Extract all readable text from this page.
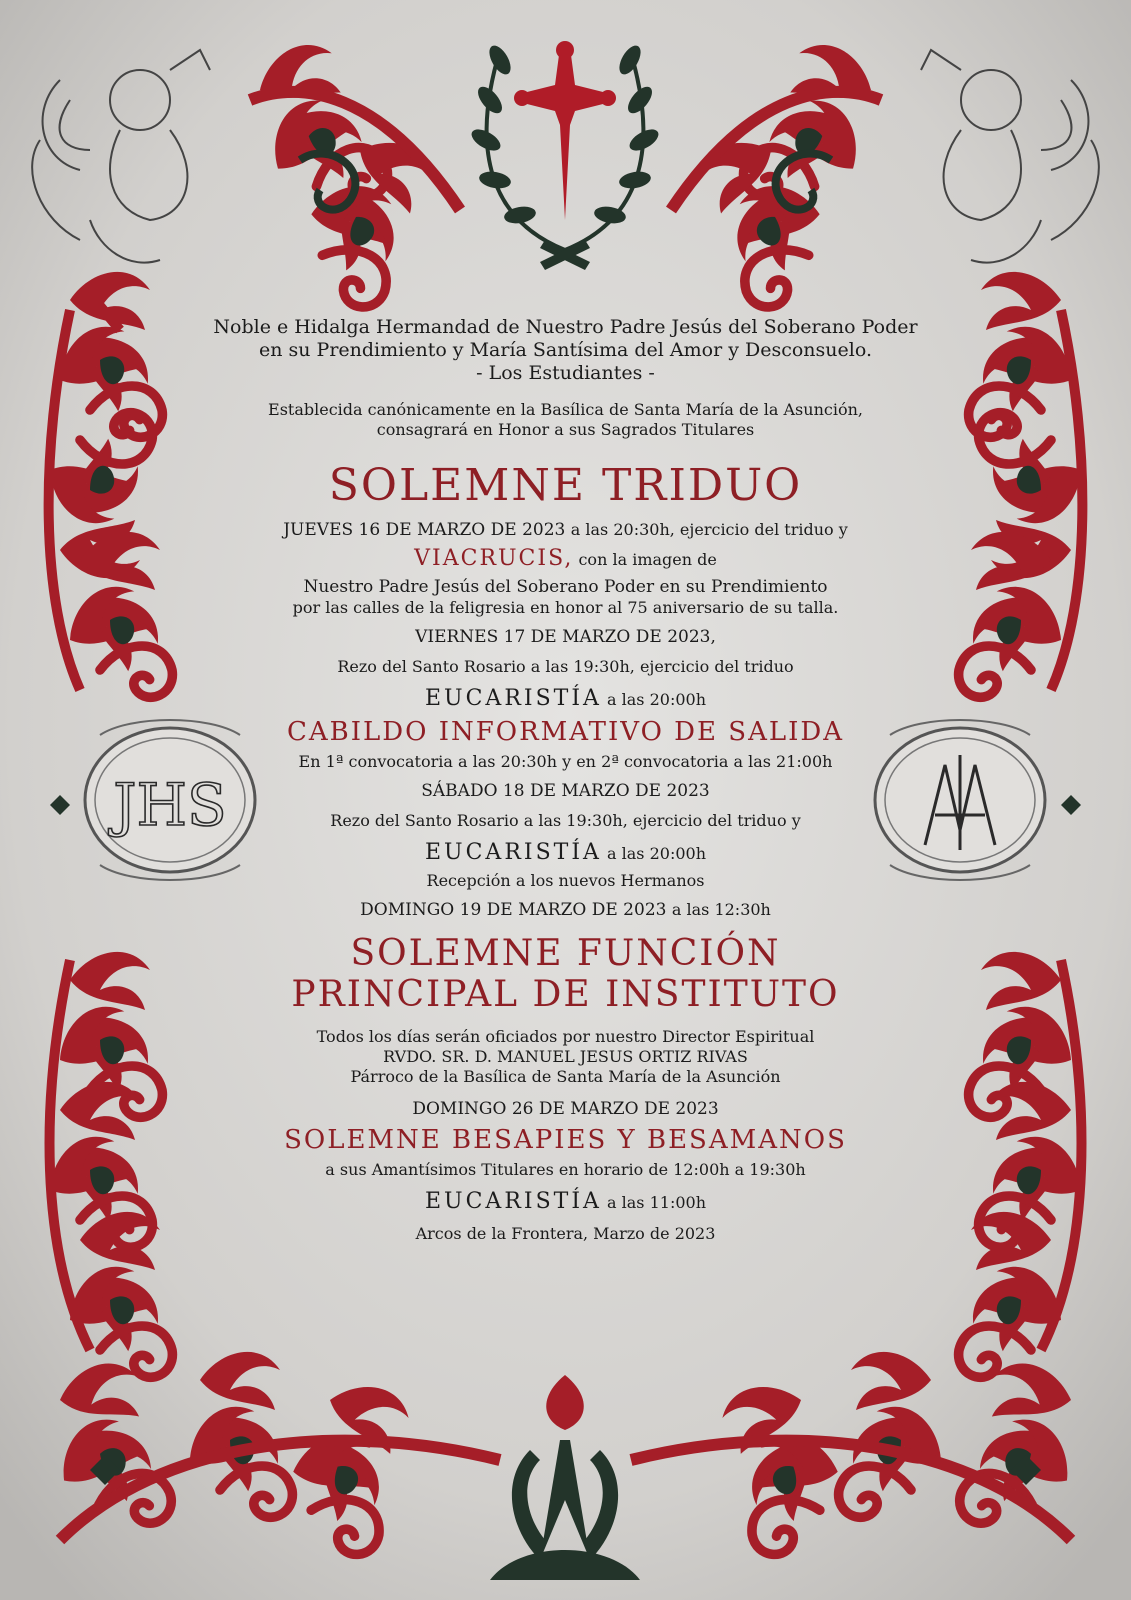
JHS
Noble e Hidalga Hermandad de Nuestro Padre Jesús del Soberano Poder
en su Prendimiento y María Santísima del Amor y Desconsuelo.
- Los Estudiantes -
Establecida canónicamente en la Basílica de Santa María de la Asunción,
consagrará en Honor a sus Sagrados Titulares
SOLEMNE TRIDUO
JUEVES 16 DE MARZO DE 2023 a las 20:30h, ejercicio del triduo y
VIACRUCIS, con la imagen de
Nuestro Padre Jesús del Soberano Poder en su Prendimiento
por las calles de la feligresia en honor al 75 aniversario de su talla.
VIERNES 17 DE MARZO DE 2023,
Rezo del Santo Rosario a las 19:30h, ejercicio del triduo
EUCARISTÍA a las 20:00h
CABILDO INFORMATIVO DE SALIDA
En 1ª convocatoria a las 20:30h y en 2ª convocatoria a las 21:00h
SÁBADO 18 DE MARZO DE 2023
Rezo del Santo Rosario a las 19:30h, ejercicio del triduo y
EUCARISTÍA a las 20:00h
Recepción a los nuevos Hermanos
DOMINGO 19 DE MARZO DE 2023 a las 12:30h
SOLEMNE FUNCIÓN
PRINCIPAL DE INSTITUTO
Todos los días serán oficiados por nuestro Director Espiritual
RVDO. SR. D. MANUEL JESUS ORTIZ RIVAS
Párroco de la Basílica de Santa María de la Asunción
DOMINGO 26 DE MARZO DE 2023
SOLEMNE BESAPIES Y BESAMANOS
a sus Amantísimos Titulares en horario de 12:00h a 19:30h
EUCARISTÍA a las 11:00h
Arcos de la Frontera, Marzo de 2023
